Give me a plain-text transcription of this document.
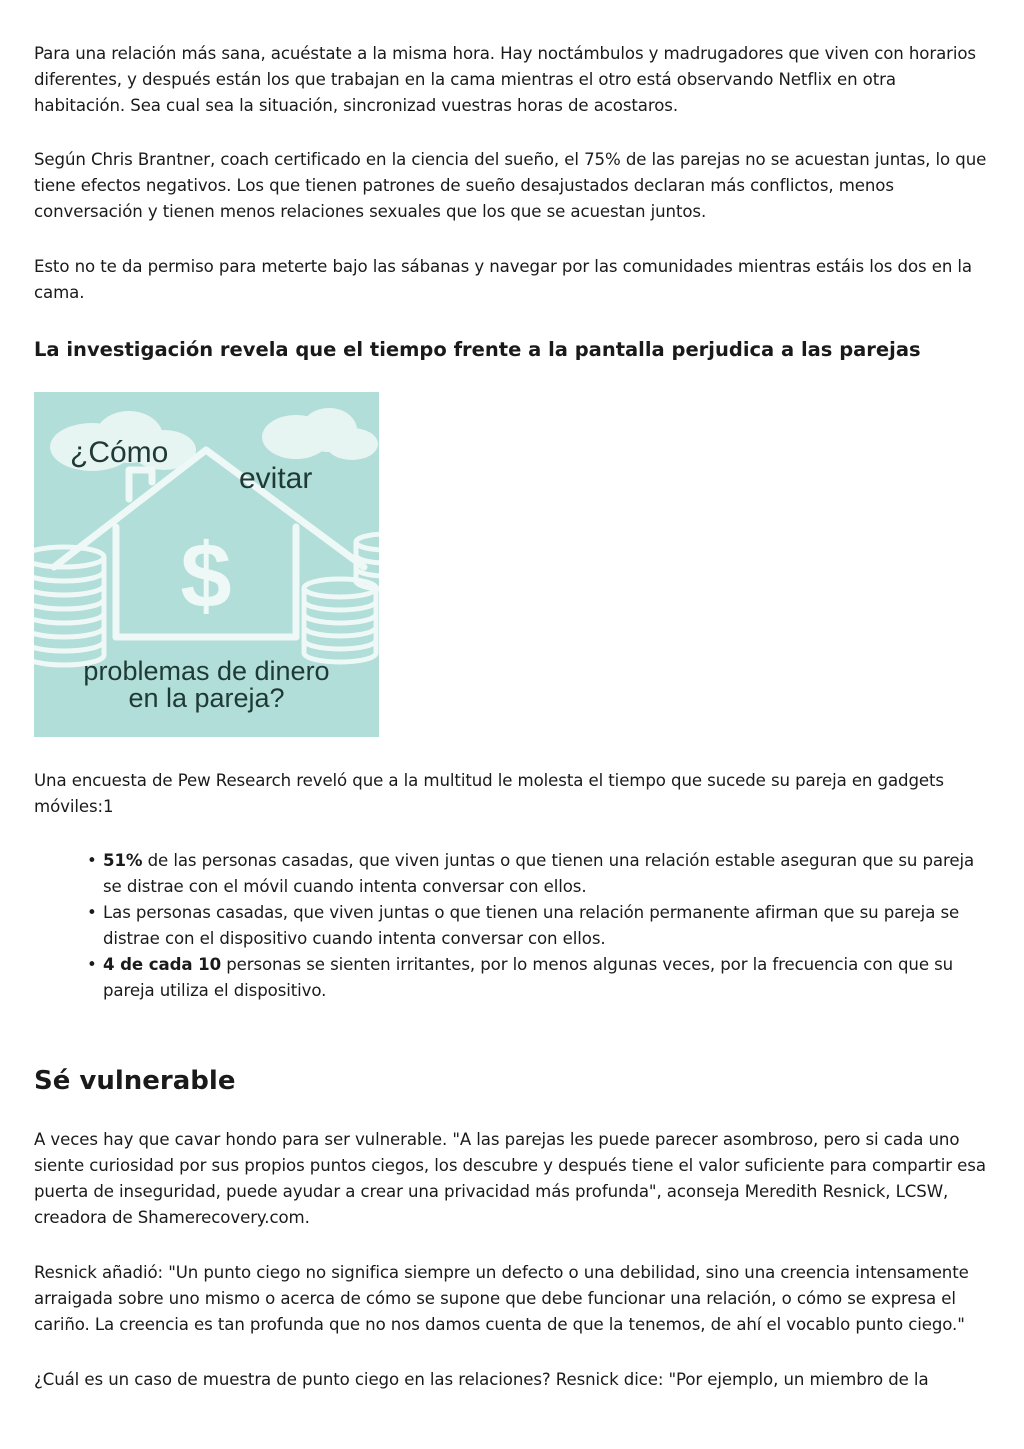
Para una relación más sana, acuéstate a la misma hora. Hay noctámbulos y madrugadores que viven con horarios diferentes, y después están los que trabajan en la cama mientras el otro está observando Netflix en otra habitación. Sea cual sea la situación, sincronizad vuestras horas de acostaros.

Según Chris Brantner, coach certificado en la ciencia del sueño, el 75% de las parejas no se acuestan juntas, lo que tiene efectos negativos. Los que tienen patrones de sueño desajustados declaran más conflictos, menos conversación y tienen menos relaciones sexuales que los que se acuestan juntos.

Esto no te da permiso para meterte bajo las sábanas y navegar por las comunidades mientras estáis los dos en la cama.

La investigación revela que el tiempo frente a la pantalla perjudica a las parejas
$
¿Cómo
evitar
problemas de dinero
en la pareja?

Una encuesta de Pew Research reveló que a la multitud le molesta el tiempo que sucede su pareja en gadgets móviles:1

• 51% de las personas casadas, que viven juntas o que tienen una relación estable aseguran que su pareja se distrae con el móvil cuando intenta conversar con ellos.
• Las personas casadas, que viven juntas o que tienen una relación permanente afirman que su pareja se distrae con el dispositivo cuando intenta conversar con ellos.
• 4 de cada 10 personas se sienten irritantes, por lo menos algunas veces, por la frecuencia con que su pareja utiliza el dispositivo.
Sé vulnerable

A veces hay que cavar hondo para ser vulnerable. "A las parejas les puede parecer asombroso, pero si cada uno siente curiosidad por sus propios puntos ciegos, los descubre y después tiene el valor suficiente para compartir esa puerta de inseguridad, puede ayudar a crear una privacidad más profunda", aconseja Meredith Resnick, LCSW, creadora de Shamerecovery.com.

Resnick añadió: "Un punto ciego no significa siempre un defecto o una debilidad, sino una creencia intensamente arraigada sobre uno mismo o acerca de cómo se supone que debe funcionar una relación, o cómo se expresa el cariño. La creencia es tan profunda que no nos damos cuenta de que la tenemos, de ahí el vocablo punto ciego."

¿Cuál es un caso de muestra de punto ciego en las relaciones? Resnick dice: "Por ejemplo, un miembro de la
